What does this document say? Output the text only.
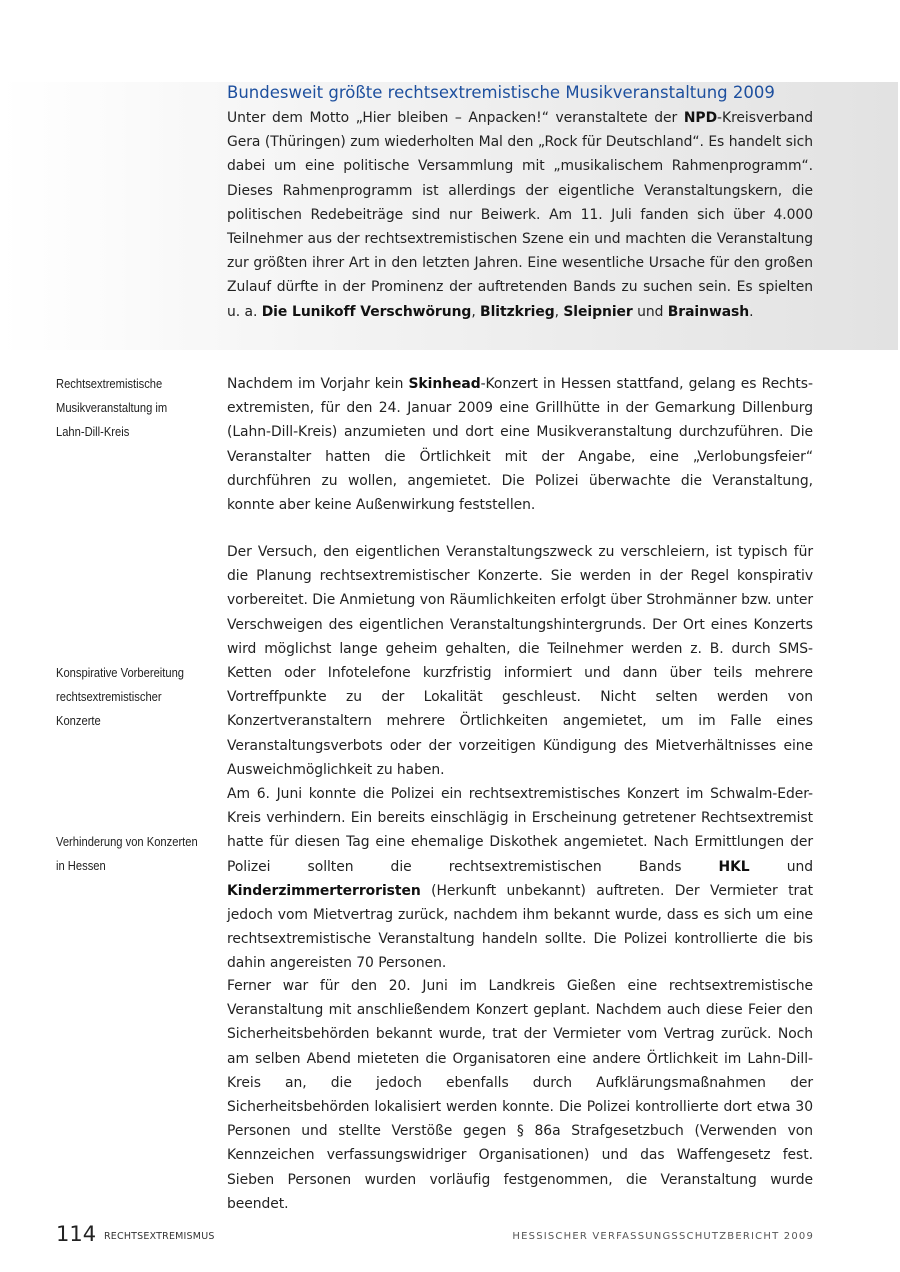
Bundesweit größte rechtsextremistische Musikveranstaltung 2009

Unter dem Motto „Hier bleiben – Anpacken!“ veranstaltete der NPD-Kreisverband Gera (Thüringen) zum wiederholten Mal den „Rock für Deutschland“. Es handelt sich dabei um eine politische Versammlung mit „musikalischem Rahmenprogramm“. Dieses Rahmenprogramm ist allerdings der eigentliche Veranstaltungskern, die politischen Redebeiträge sind nur Beiwerk. Am 11. Juli fanden sich über 4.000 Teilnehmer aus der rechtsextremistischen Szene ein und machten die Veranstaltung zur größten ihrer Art in den letzten Jahren. Eine wesentliche Ursache für den großen Zulauf dürfte in der Prominenz der auftretenden Bands zu suchen sein. Es spielten u. a. Die Lunikoff Verschwörung, Blitzkrieg, Sleipnier und Brainwash.

Rechtsextremistische
Musikveranstaltung im
Lahn-Dill-Kreis
Konspirative Vorbereitung
rechtsextremistischer
Konzerte
Verhinderung von Konzerten
in Hessen

Nachdem im Vorjahr kein Skinhead-Konzert in Hessen stattfand, gelang es Rechtsextremisten, für den 24. Januar 2009 eine Grillhütte in der Gemarkung Dillenburg (Lahn-Dill-Kreis) anzumieten und dort eine Musikveranstaltung durchzuführen. Die Veranstalter hatten die Örtlichkeit mit der Angabe, eine „Verlobungsfeier“ durchführen zu wollen, angemietet. Die Polizei überwachte die Veranstaltung, konnte aber keine Außenwirkung feststellen.

Der Versuch, den eigentlichen Veranstaltungszweck zu verschleiern, ist typisch für die Planung rechtsextremistischer Konzerte. Sie werden in der Regel konspirativ vorbereitet. Die Anmietung von Räumlichkeiten erfolgt über Strohmänner bzw. unter Verschweigen des eigentlichen Veranstaltungshintergrunds. Der Ort eines Konzerts wird möglichst lange geheim gehalten, die Teilnehmer werden z. B. durch SMS-Ketten oder Infotelefone kurzfristig informiert und dann über teils mehrere Vortreffpunkte zu der Lokalität geschleust. Nicht selten werden von Konzertveranstaltern mehrere Örtlichkeiten angemietet, um im Falle eines Veranstaltungsverbots oder der vorzeitigen Kündigung des Mietverhältnisses eine Ausweichmöglichkeit zu haben.

Am 6. Juni konnte die Polizei ein rechtsextremistisches Konzert im Schwalm-Eder-Kreis verhindern. Ein bereits einschlägig in Erscheinung getretener Rechtsextremist hatte für diesen Tag eine ehemalige Diskothek angemietet. Nach Ermittlungen der Polizei sollten die rechtsextremistischen Bands HKL und Kinderzimmerterroristen (Herkunft unbekannt) auftreten. Der Vermieter trat jedoch vom Mietvertrag zurück, nachdem ihm bekannt wurde, dass es sich um eine rechtsextremistische Veranstaltung handeln sollte. Die Polizei kontrollierte die bis dahin angereisten 70 Personen.

Ferner war für den 20. Juni im Landkreis Gießen eine rechtsextremistische Veranstaltung mit anschließendem Konzert geplant. Nachdem auch diese Feier den Sicherheitsbehörden bekannt wurde, trat der Vermieter vom Vertrag zurück. Noch am selben Abend mieteten die Organisatoren eine andere Örtlichkeit im Lahn-Dill-Kreis an, die jedoch ebenfalls durch Aufklärungsmaßnahmen der Sicherheitsbehörden lokalisiert werden konnte. Die Polizei kontrollierte dort etwa 30 Personen und stellte Verstöße gegen § 86a Strafgesetzbuch (Verwenden von Kennzeichen verfassungswidriger Organisationen) und das Waffengesetz fest. Sieben Personen wurden vorläufig festgenommen, die Veranstaltung wurde beendet.

114 RECHTSEXTREMISMUS	HESSISCHER VERFASSUNGSSCHUTZBERICHT 2009
